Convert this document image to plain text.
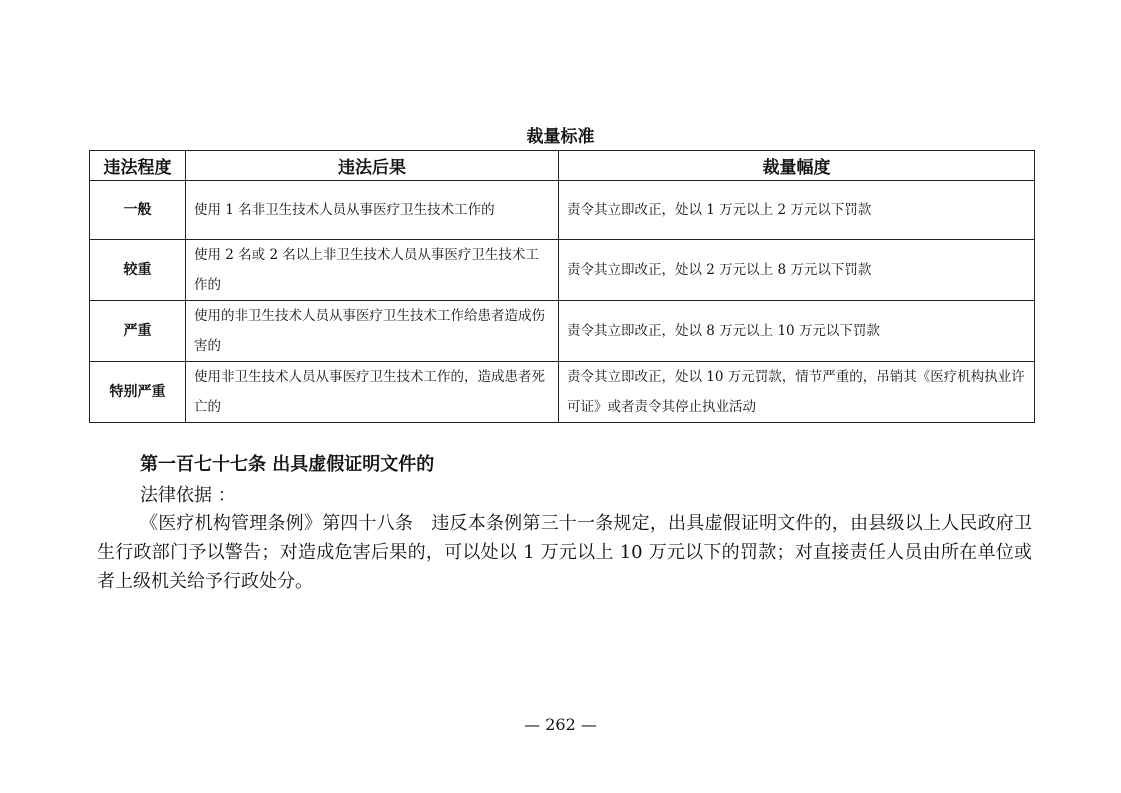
裁量标准
违法程度	违法后果	裁量幅度
一般	使用 1 名非卫生技术人员从事医疗卫生技术工作的	责令其立即改正，处以 1 万元以上 2 万元以下罚款
较重	使用 2 名或 2 名以上非卫生技术人员从事医疗卫生技术工作的	责令其立即改正，处以 2 万元以上 8 万元以下罚款
严重	使用的非卫生技术人员从事医疗卫生技术工作给患者造成伤害的	责令其立即改正，处以 8 万元以上 10 万元以下罚款
特别严重	使用非卫生技术人员从事医疗卫生技术工作的，造成患者死亡的	责令其立即改正，处以 10 万元罚款，情节严重的，吊销其《医疗机构执业许可证》或者责令其停止执业活动
第一百七十七条 出具虚假证明文件的
法律依据 ：
《医疗机构管理条例》第四十八条　违反本条例第三十一条规定，出具虚假证明文件的，由县级以上人民政府卫生行政部门予以警告；对造成危害后果的，可以处以 1 万元以上 10 万元以下的罚款；对直接责任人员由所在单位或者上级机关给予行政处分。
— 262 —
